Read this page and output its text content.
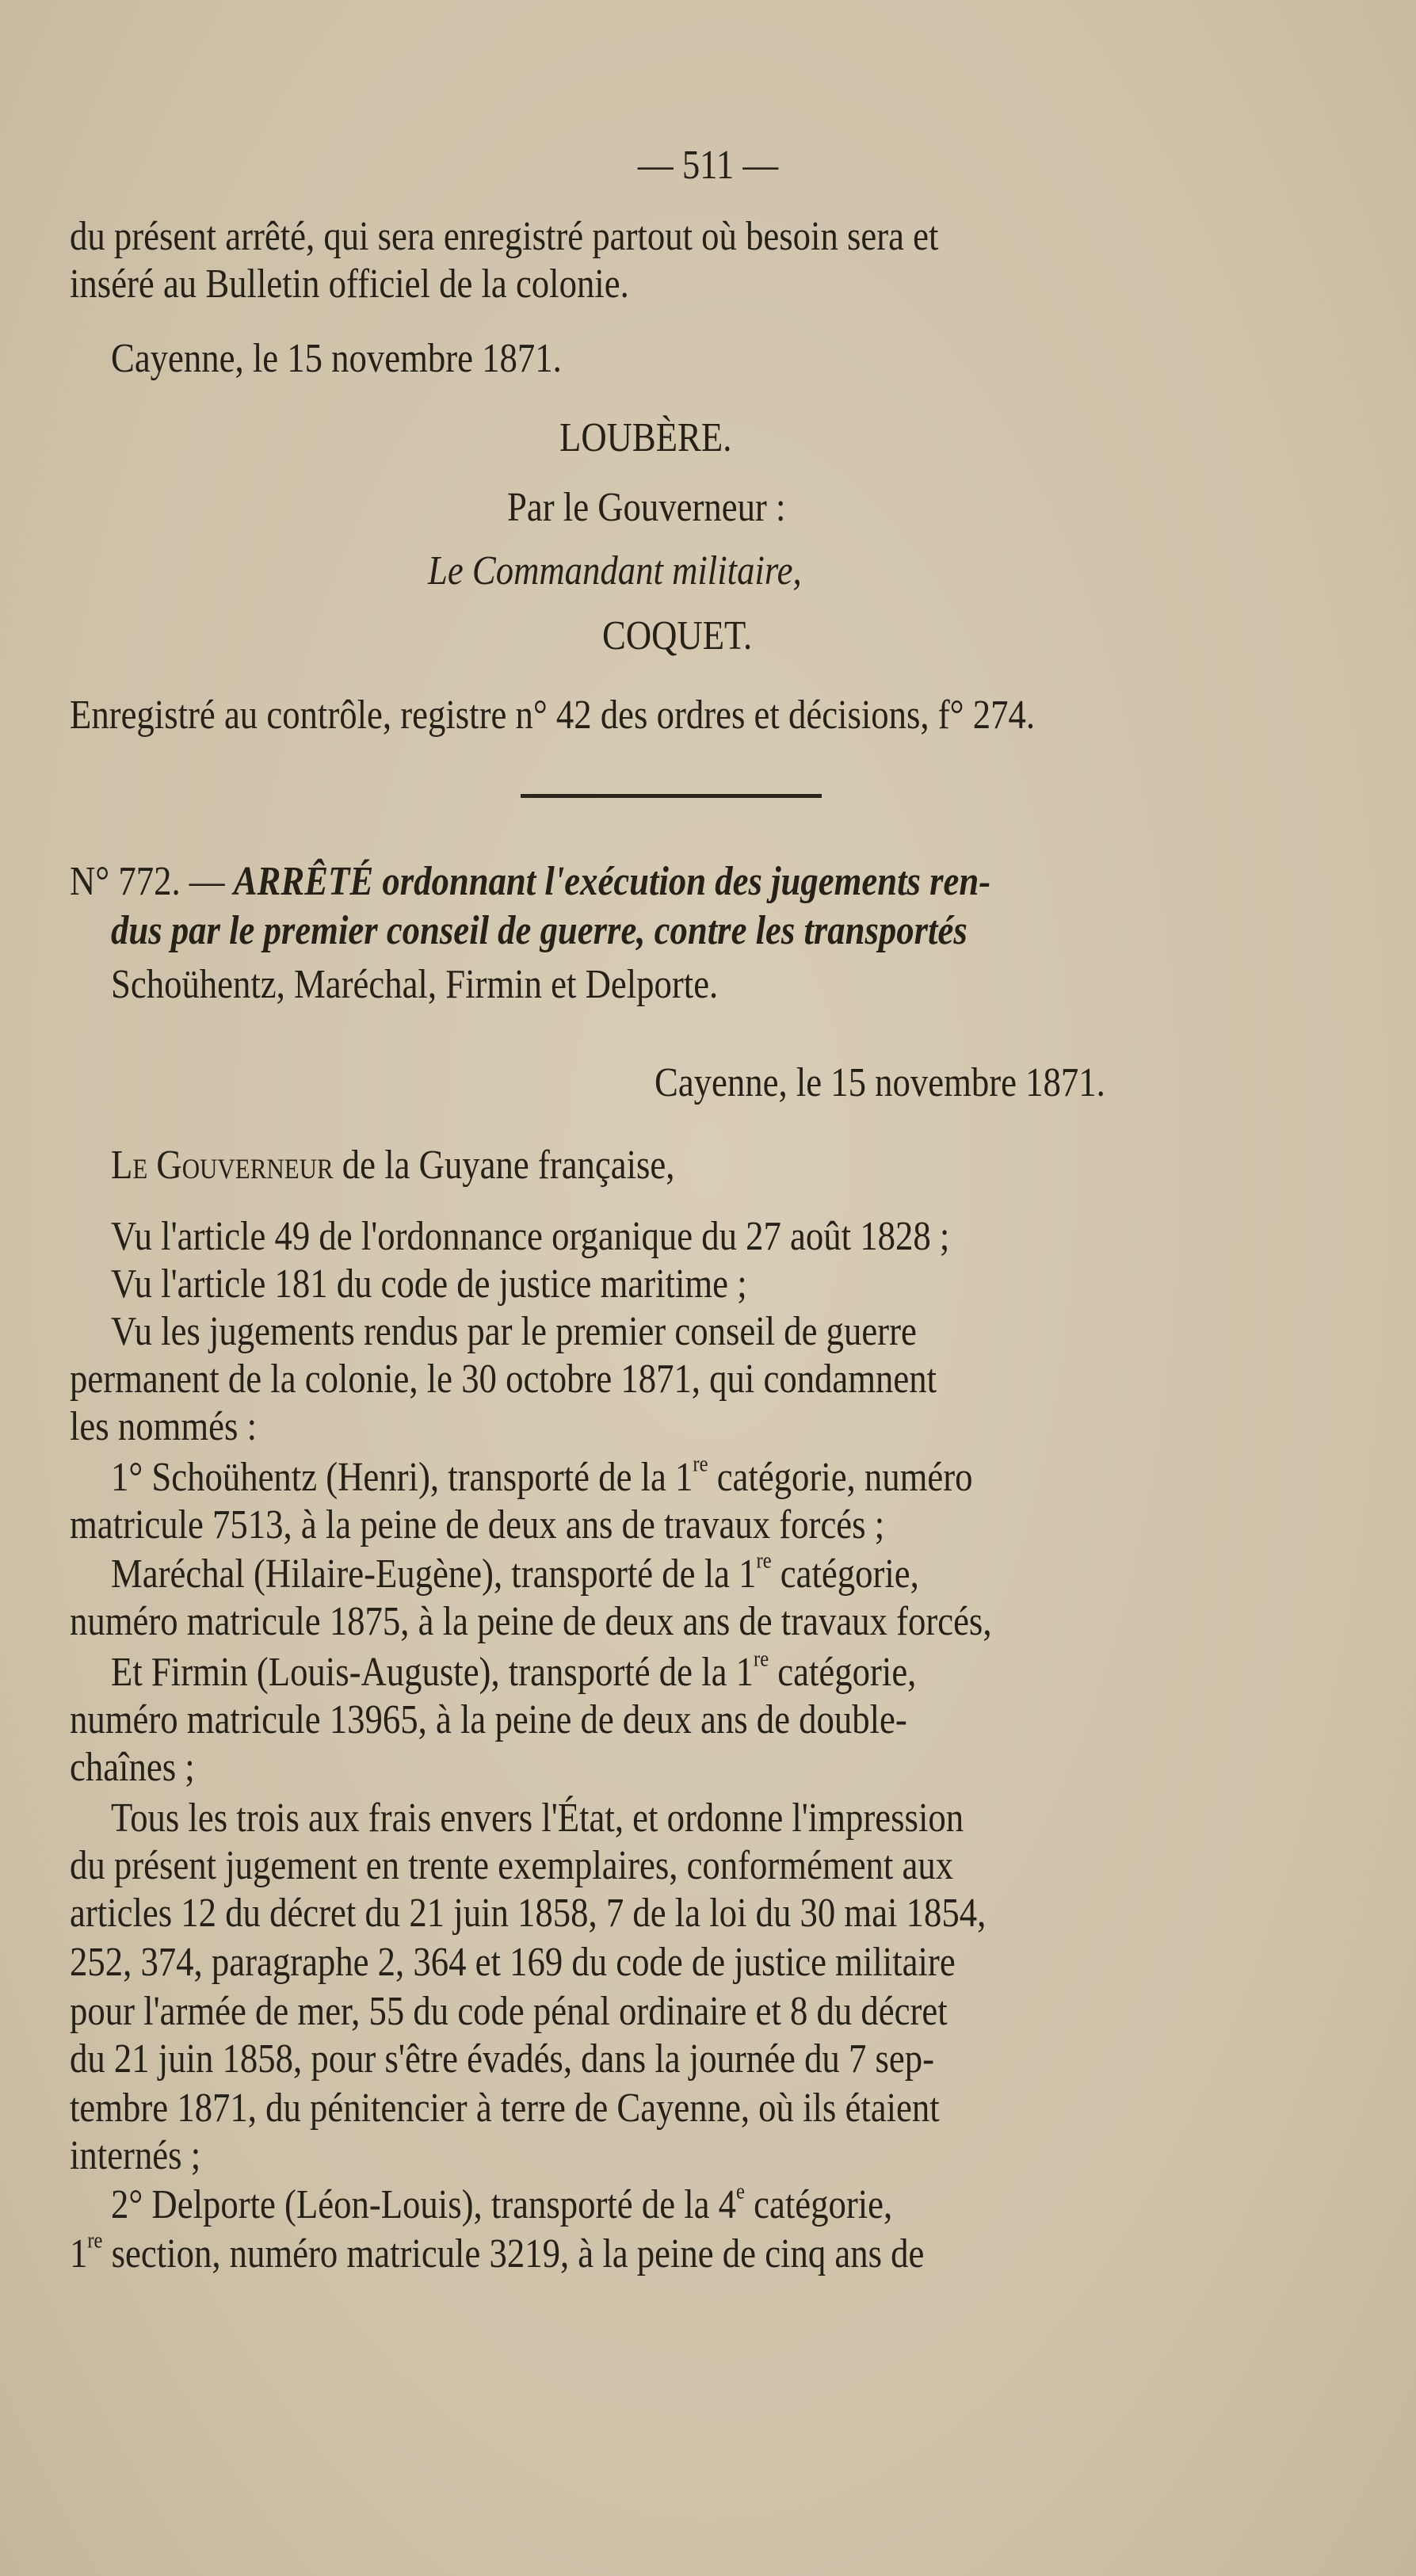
— 511 —
du présent arrêté, qui sera enregistré partout où besoin sera et
inséré au Bulletin officiel de la colonie.
Cayenne, le 15 novembre 1871.
LOUBÈRE.
Par le Gouverneur :
Le Commandant militaire,
COQUET.
Enregistré au contrôle, registre n° 42 des ordres et décisions, f° 274.
N° 772. — ARRÊTÉ ordonnant l'exécution des jugements ren-
dus par le premier conseil de guerre, contre les transportés
Schoühentz, Maréchal, Firmin et Delporte.
Cayenne, le 15 novembre 1871.
Le Gouverneur de la Guyane française,
Vu l'article 49 de l'ordonnance organique du 27 août 1828 ;
Vu l'article 181 du code de justice maritime ;
Vu les jugements rendus par le premier conseil de guerre
permanent de la colonie, le 30 octobre 1871, qui condamnent
les nommés :
1° Schoühentz (Henri), transporté de la 1re catégorie, numéro
matricule 7513, à la peine de deux ans de travaux forcés ;
Maréchal (Hilaire-Eugène), transporté de la 1re catégorie,
numéro matricule 1875, à la peine de deux ans de travaux forcés,
Et Firmin (Louis-Auguste), transporté de la 1re catégorie,
numéro matricule 13965, à la peine de deux ans de double-
chaînes ;
Tous les trois aux frais envers l'État, et ordonne l'impression
du présent jugement en trente exemplaires, conformément aux
articles 12 du décret du 21 juin 1858, 7 de la loi du 30 mai 1854,
252, 374, paragraphe 2, 364 et 169 du code de justice militaire
pour l'armée de mer, 55 du code pénal ordinaire et 8 du décret
du 21 juin 1858, pour s'être évadés, dans la journée du 7 sep-
tembre 1871, du pénitencier à terre de Cayenne, où ils étaient
internés ;
2° Delporte (Léon-Louis), transporté de la 4e catégorie,
1re section, numéro matricule 3219, à la peine de cinq ans de
